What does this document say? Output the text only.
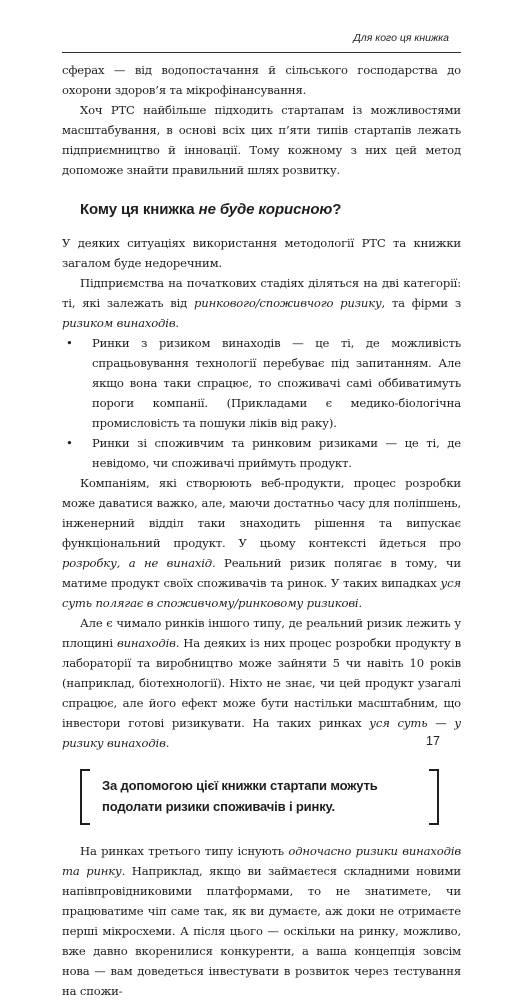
Для кого ця книжка

сферах — від водопостачання й сільського господарства до охорони здоров’я та мікрофінансування.

Хоч РТС найбільше підходить стартапам із можливостями масштабування, в основі всіх цих п’яти типів стартапів лежать підприємництво й інновації. Тому кожному з них цей метод допоможе знайти правильний шлях розвитку.

Кому ця книжка не буде корисною?

У деяких ситуаціях використання методології РТС та книжки загалом буде недоречним.

Підприємства на початкових стадіях діляться на дві категорії: ті, які залежать від ринкового/споживчого ризику, та фірми з ризиком винаходів.

• Ринки з ризиком винаходів — це ті, де можливість спрацьовування технології перебуває під запитанням. Але якщо вона таки спрацює, то споживачі самі оббиватимуть пороги компанії. (Прикладами є медико-біологічна промисловість та пошуки ліків від раку).
• Ринки зі споживчим та ринковим ризиками — це ті, де невідомо, чи споживачі приймуть продукт.

Компаніям, які створюють веб-продукти, процес розробки може даватися важко, але, маючи достатньо часу для поліпшень, інженерний відділ таки знаходить рішення та випускає функціональний продукт. У цьому контексті йдеться про розробку, а не винахід. Реальний ризик полягає в тому, чи матиме продукт своїх споживачів та ринок. У таких випадках уся суть полягає в споживчому/ринковому ризикові.

Але є чимало ринків іншого типу, де реальний ризик лежить у площині винаходів. На деяких із них процес розробки продукту в лабораторії та виробництво може зайняти 5 чи навіть 10 років (наприклад, біотехнології). Ніхто не знає, чи цей продукт узагалі спрацює, але його ефект може бути настільки масштабним, що інвестори готові ризикувати. На таких ринках уся суть — у ризику винаходів.

За допомогою цієї книжки стартапи можуть подолати ризики споживачів і ринку.

На ринках третього типу існують одночасно ризики винаходів та ринку. Наприклад, якщо ви займаєтеся складними новими напівпровідниковими платформами, то не знатимете, чи працюватиме чіп саме так, як ви думаєте, аж доки не отримаєте перші мікросхеми. А після цього — оскільки на ринку, можливо, вже давно вкоренилися конкуренти, а ваша концепція зовсім нова — вам доведеться інвестувати в розвиток через тестування на спожи-

17
